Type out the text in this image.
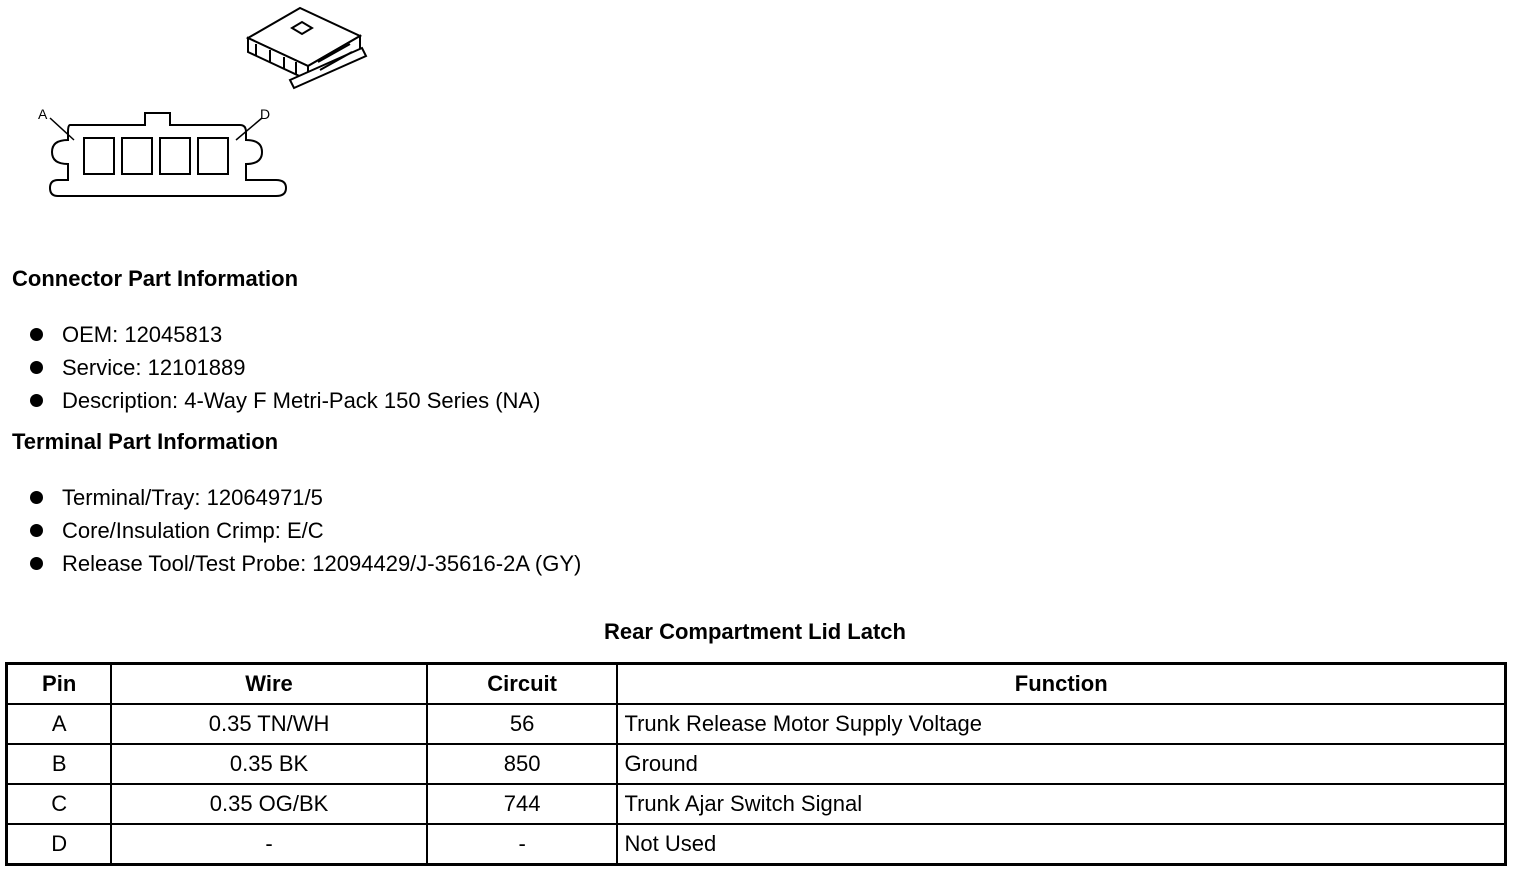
A	D
Connector Part Information
OEM: 12045813
Service: 12101889
Description: 4-Way F Metri-Pack 150 Series (NA)
Terminal Part Information
Terminal/Tray: 12064971/5
Core/Insulation Crimp: E/C
Release Tool/Test Probe: 12094429/J-35616-2A (GY)
Rear Compartment Lid Latch
Pin	Wire	Circuit	Function
A	0.35 TN/WH	56	Trunk Release Motor Supply Voltage
B	0.35 BK	850	Ground
C	0.35 OG/BK	744	Trunk Ajar Switch Signal
D	-	-	Not Used
